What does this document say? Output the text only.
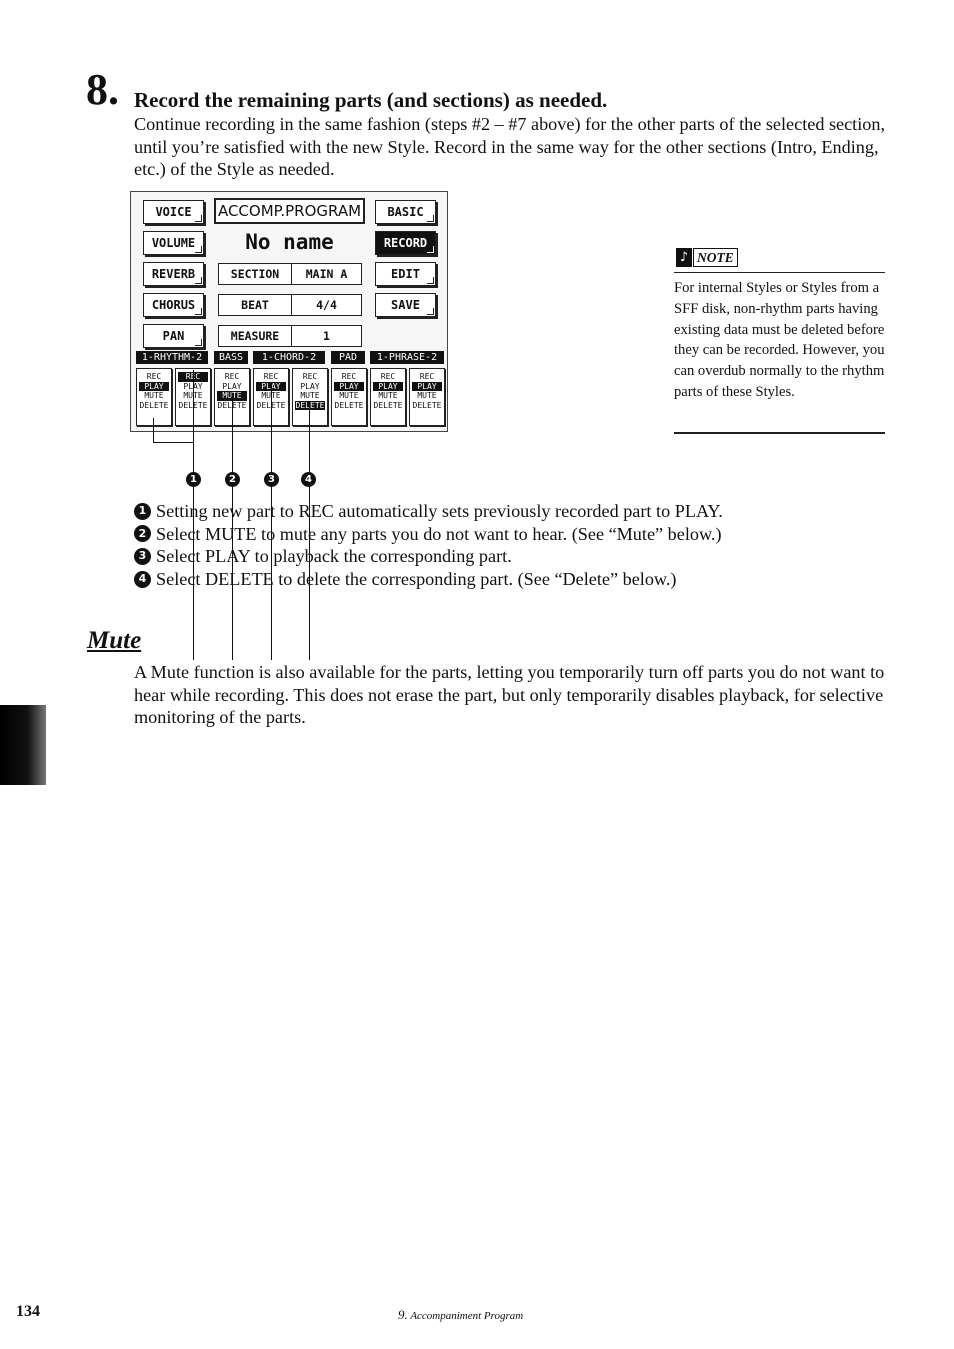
8. Record the remaining parts (and sections) as needed.
Continue recording in the same fashion (steps #2 – #7 above) for the other parts of the selected section, until you’re satisfied with the new Style. Record in the same way for the other sections (Intro, Ending, etc.) of the Style as needed.
VOICE
VOLUME
REVERB
CHORUS
PAN
ACCOMP.PROGRAM
No name
SECTION	MAIN A
BEAT	4/4
MEASURE	1
BASIC
RECORD
EDIT
SAVE
1-RHYTHM-2	BASS	1-CHORD-2	PAD	1-PHRASE-2
REC
PLAY
MUTE
DELETE
REC
PLAY
MUTE
DELETE
REC
PLAY
MUTE
DELETE
REC
PLAY
MUTE
DELETE
REC
PLAY
MUTE
DELETE
REC
PLAY
MUTE
DELETE
REC
PLAY
MUTE
DELETE
REC
PLAY
MUTE
DELETE
1	2	3	4
♪ NOTE
For internal Styles or Styles from a SFF disk, non-rhythm parts having existing data must be deleted before they can be recorded. However, you can overdub normally to the rhythm parts of these Styles.
1 Setting new part to REC automatically sets previously recorded part to PLAY.
2 Select MUTE to mute any parts you do not want to hear. (See “Mute” below.)
3 Select PLAY to playback the corresponding part.
4 Select DELETE to delete the corresponding part. (See “Delete” below.)
Mute
A Mute function is also available for the parts, letting you temporarily turn off parts you do not want to hear while recording. This does not erase the part, but only temporarily disables playback, for selective monitoring of the parts.
134	9. Accompaniment Program
